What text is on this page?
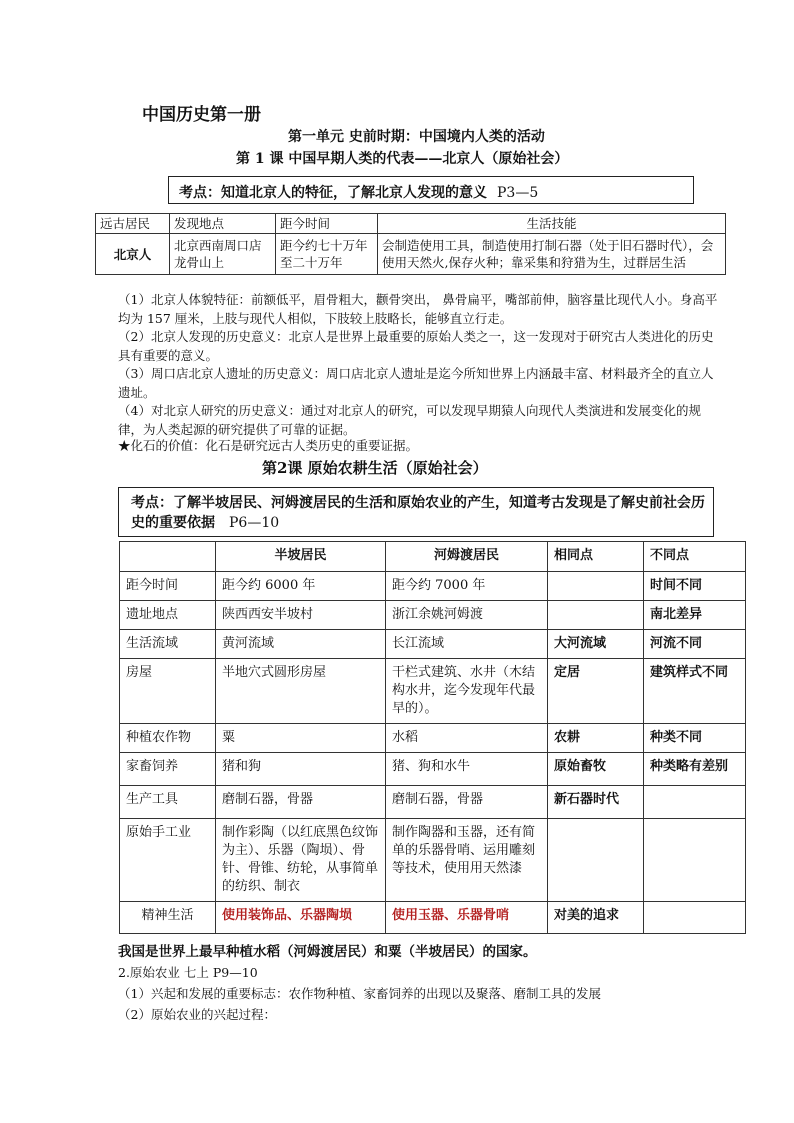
中国历史第一册
第一单元 史前时期：中国境内人类的活动
第 1 课 中国早期人类的代表——北京人（原始社会）
考点：知道北京人的特征，了解北京人发现的意义 P3—5
远古居民	发现地点	距今时间	生活技能
北京人	北京西南周口店龙骨山上	距今约七十万年至二十万年	会制造使用工具，制造使用打制石器（处于旧石器时代），会使用天然火,保存火种；靠采集和狩猎为生，过群居生活
（1）北京人体貌特征：前额低平，眉骨粗大，颧骨突出， 鼻骨扁平，嘴部前伸，脑容量比现代人小。身高平均为 157 厘米，上肢与现代人相似，下肢较上肢略长，能够直立行走。
（2）北京人发现的历史意义：北京人是世界上最重要的原始人类之一，这一发现对于研究古人类进化的历史具有重要的意义。
（3）周口店北京人遗址的历史意义：周口店北京人遗址是迄今所知世界上内涵最丰富、材料最齐全的直立人遗址。
（4）对北京人研究的历史意义：通过对北京人的研究，可以发现早期猿人向现代人类演进和发展变化的规律，为人类起源的研究提供了可靠的证据。
★化石的价值：化石是研究远古人类历史的重要证据。
第2课 原始农耕生活（原始社会）
考点：了解半坡居民、河姆渡居民的生活和原始农业的产生，知道考古发现是了解史前社会历史的重要依据 P6—10
	半坡居民	河姆渡居民	相同点	不同点
距今时间	距今约 6000 年	距今约 7000 年		时间不同
遗址地点	陕西西安半坡村	浙江余姚河姆渡		南北差异
生活流域	黄河流域	长江流域	大河流域	河流不同
房屋	半地穴式圆形房屋	干栏式建筑、水井（木结构水井，迄今发现年代最早的）。	定居	建筑样式不同
种植农作物	粟	水稻	农耕	种类不同
家畜饲养	猪和狗	猪、狗和水牛	原始畜牧	种类略有差别
生产工具	磨制石器，骨器	磨制石器，骨器	新石器时代	
原始手工业	制作彩陶（以红底黑色纹饰为主）、乐器（陶埙）、骨针、骨锥、纺轮，从事简单的纺织、制衣	制作陶器和玉器，还有简单的乐器骨哨、运用雕刻等技术，使用用天然漆		
精神生活	使用装饰品、乐器陶埙	使用玉器、乐器骨哨	对美的追求	
我国是世界上最早种植水稻（河姆渡居民）和粟（半坡居民）的国家。
2.原始农业 七上 P9—10
（1）兴起和发展的重要标志：农作物种植、家畜饲养的出现以及聚落、磨制工具的发展
（2）原始农业的兴起过程：
